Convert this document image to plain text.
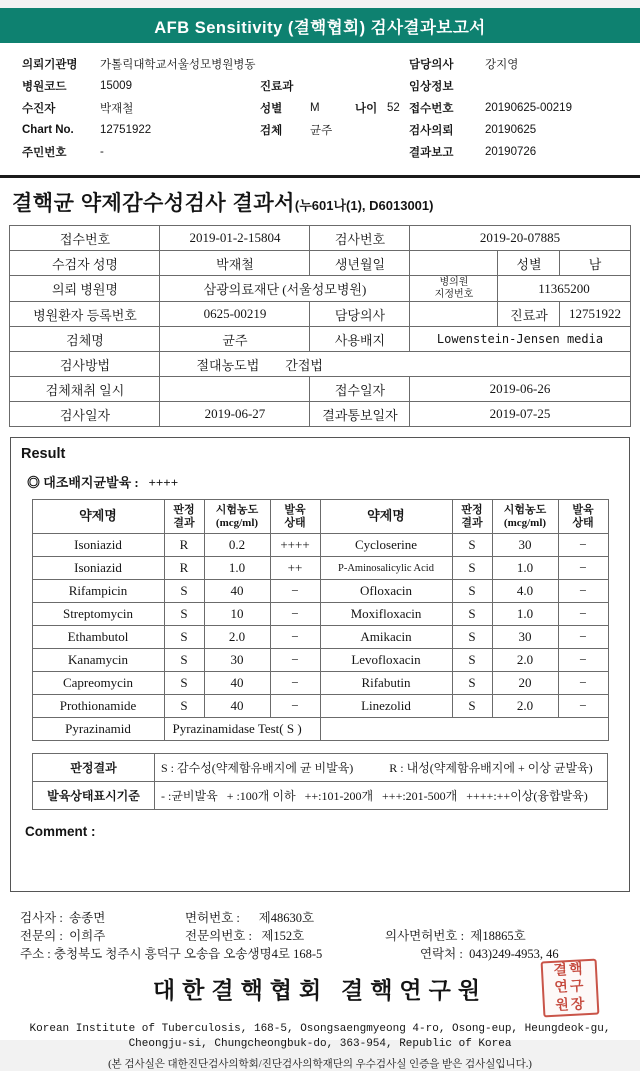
AFB Sensitivity (결핵협회) 검사결과보고서
의뢰기관명	가톨릭대학교서울성모병원병동	담당의사	강지영
병원코드	15009	진료과	임상정보
수진자	박재철	성별	M	나이 52 접수번호	20190625-00219
Chart No.	12751922	검체	균주	검사의뢰	20190625
주민번호	-	결과보고	20190726
결핵균 약제감수성검사 결과서(누601나(1), D6013001)
접수번호	2019-01-2-15804	검사번호	2019-20-07885		
수검자 성명	박재철	생년월일		성별	남
의뢰 병원명	삼광의료재단 (서울성모병원)		병의원
지정번호	11365200	
병원환자 등록번호	0625-00219	담당의사		진료과	12751922
검체명	균주	사용배지	Lowenstein-Jensen media		
검사방법	절대농도법        간접법				
검체채취 일시		접수일자	2019-06-26		
검사일자	2019-06-27	결과통보일자	2019-07-25		
Result
◎ 대조배지균발육 :   ++++
약제명	판정
결과	시험농도
(mcg/ml)	발육
상태	약제명	판정
결과	시험농도
(mcg/ml)	발육
상태
Isoniazid	R	0.2	++++	Cycloserine	S	30	−
Isoniazid	R	1.0	++	P-Aminosalicylic Acid	S	1.0	−
Rifampicin	S	40	−	Ofloxacin	S	4.0	−
Streptomycin	S	10	−	Moxifloxacin	S	1.0	−
Ethambutol	S	2.0	−	Amikacin	S	30	−
Kanamycin	S	30	−	Levofloxacin	S	2.0	−
Capreomycin	S	40	−	Rifabutin	S	20	−
Prothionamide	S	40	−	Linezolid	S	2.0	−
Pyrazinamid	Pyrazinamidase Test( S )						
판정결과	S : 감수성(약제함유배지에 균 비발육)            R : 내성(약제함유배지에 + 이상 균발육)
발육상태표시기준	- :균비발육   + :100개 이하   ++:101-200개   +++:201-500개   ++++:++이상(융합발육)
Comment :
검사자 :  송종면	면허번호 :      제48630호
전문의 :  이희주	전문의번호 :   제152호	의사면허번호 :  제18865호
주소 : 충청북도 청주시 흥덕구 오송읍 오송생명4로 168-5	연락처 :  043)249-4953, 46
대한결핵협회 결핵연구원
결핵연구원장
Korean Institute of Tuberculosis, 168-5, Osongsaengmyeong 4-ro, Osong-eup, Heungdeok-gu,
Cheongju-si, Chungcheongbuk-do, 363-954, Republic of Korea
(본 검사실은 대한진단검사의학회/진단검사의학재단의 우수검사실 인증을 받은 검사실입니다.)
